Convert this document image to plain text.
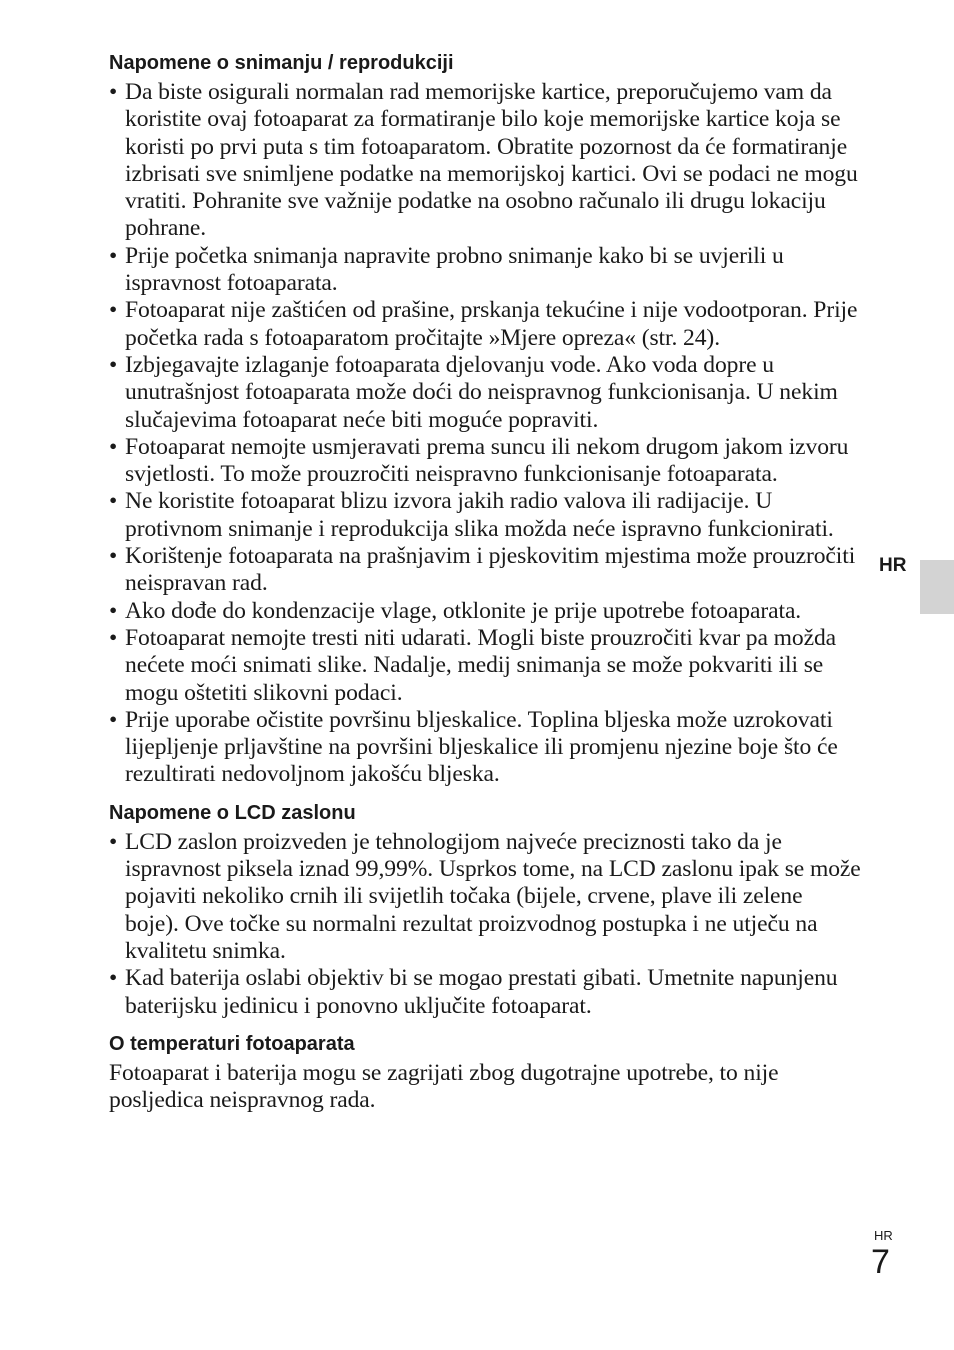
Napomene o snimanju / reprodukciji
• Da biste osigurali normalan rad memorijske kartice, preporučujemo vam da koristite ovaj fotoaparat za formatiranje bilo koje memorijske kartice koja se koristi po prvi puta s tim fotoaparatom. Obratite pozornost da će formatiranje izbrisati sve snimljene podatke na memorijskoj kartici. Ovi se podaci ne mogu vratiti. Pohranite sve važnije podatke na osobno računalo ili drugu lokaciju pohrane.
• Prije početka snimanja napravite probno snimanje kako bi se uvjerili u ispravnost fotoaparata.
• Fotoaparat nije zaštićen od prašine, prskanja tekućine i nije vodootporan. Prije početka rada s fotoaparatom pročitajte »Mjere opreza« (str. 24).
• Izbjegavajte izlaganje fotoaparata djelovanju vode. Ako voda dopre u unutrašnjost fotoaparata može doći do neispravnog funkcionisanja. U nekim slučajevima fotoaparat neće biti moguće popraviti.
• Fotoaparat nemojte usmjeravati prema suncu ili nekom drugom jakom izvoru svjetlosti. To može prouzročiti neispravno funkcionisanje fotoaparata.
• Ne koristite fotoaparat blizu izvora jakih radio valova ili radijacije. U protivnom snimanje i reprodukcija slika možda neće ispravno funkcionirati.
• Korištenje fotoaparata na prašnjavim i pjeskovitim mjestima može prouzročiti neispravan rad.
• Ako dođe do kondenzacije vlage, otklonite je prije upotrebe fotoaparata.
• Fotoaparat nemojte tresti niti udarati. Mogli biste prouzročiti kvar pa možda nećete moći snimati slike. Nadalje, medij snimanja se može pokvariti ili se mogu oštetiti slikovni podaci.
• Prije uporabe očistite površinu bljeskalice. Toplina bljeska može uzrokovati lijepljenje prljavštine na površini bljeskalice ili promjenu njezine boje što će rezultirati nedovoljnom jakošću bljeska.
Napomene o LCD zaslonu
• LCD zaslon proizveden je tehnologijom najveće preciznosti tako da je ispravnost piksela iznad 99,99%. Usprkos tome, na LCD zaslonu ipak se može pojaviti nekoliko crnih ili svijetlih točaka (bijele, crvene, plave ili zelene boje). Ove točke su normalni rezultat proizvodnog postupka i ne utječu na kvalitetu snimka.
• Kad baterija oslabi objektiv bi se mogao prestati gibati. Umetnite napunjenu baterijsku jedinicu i ponovno uključite fotoaparat.
O temperaturi fotoaparata

Fotoaparat i baterija mogu se zagrijati zbog dugotrajne upotrebe, to nije posljedica neispravnog rada.

HR
HR
7
